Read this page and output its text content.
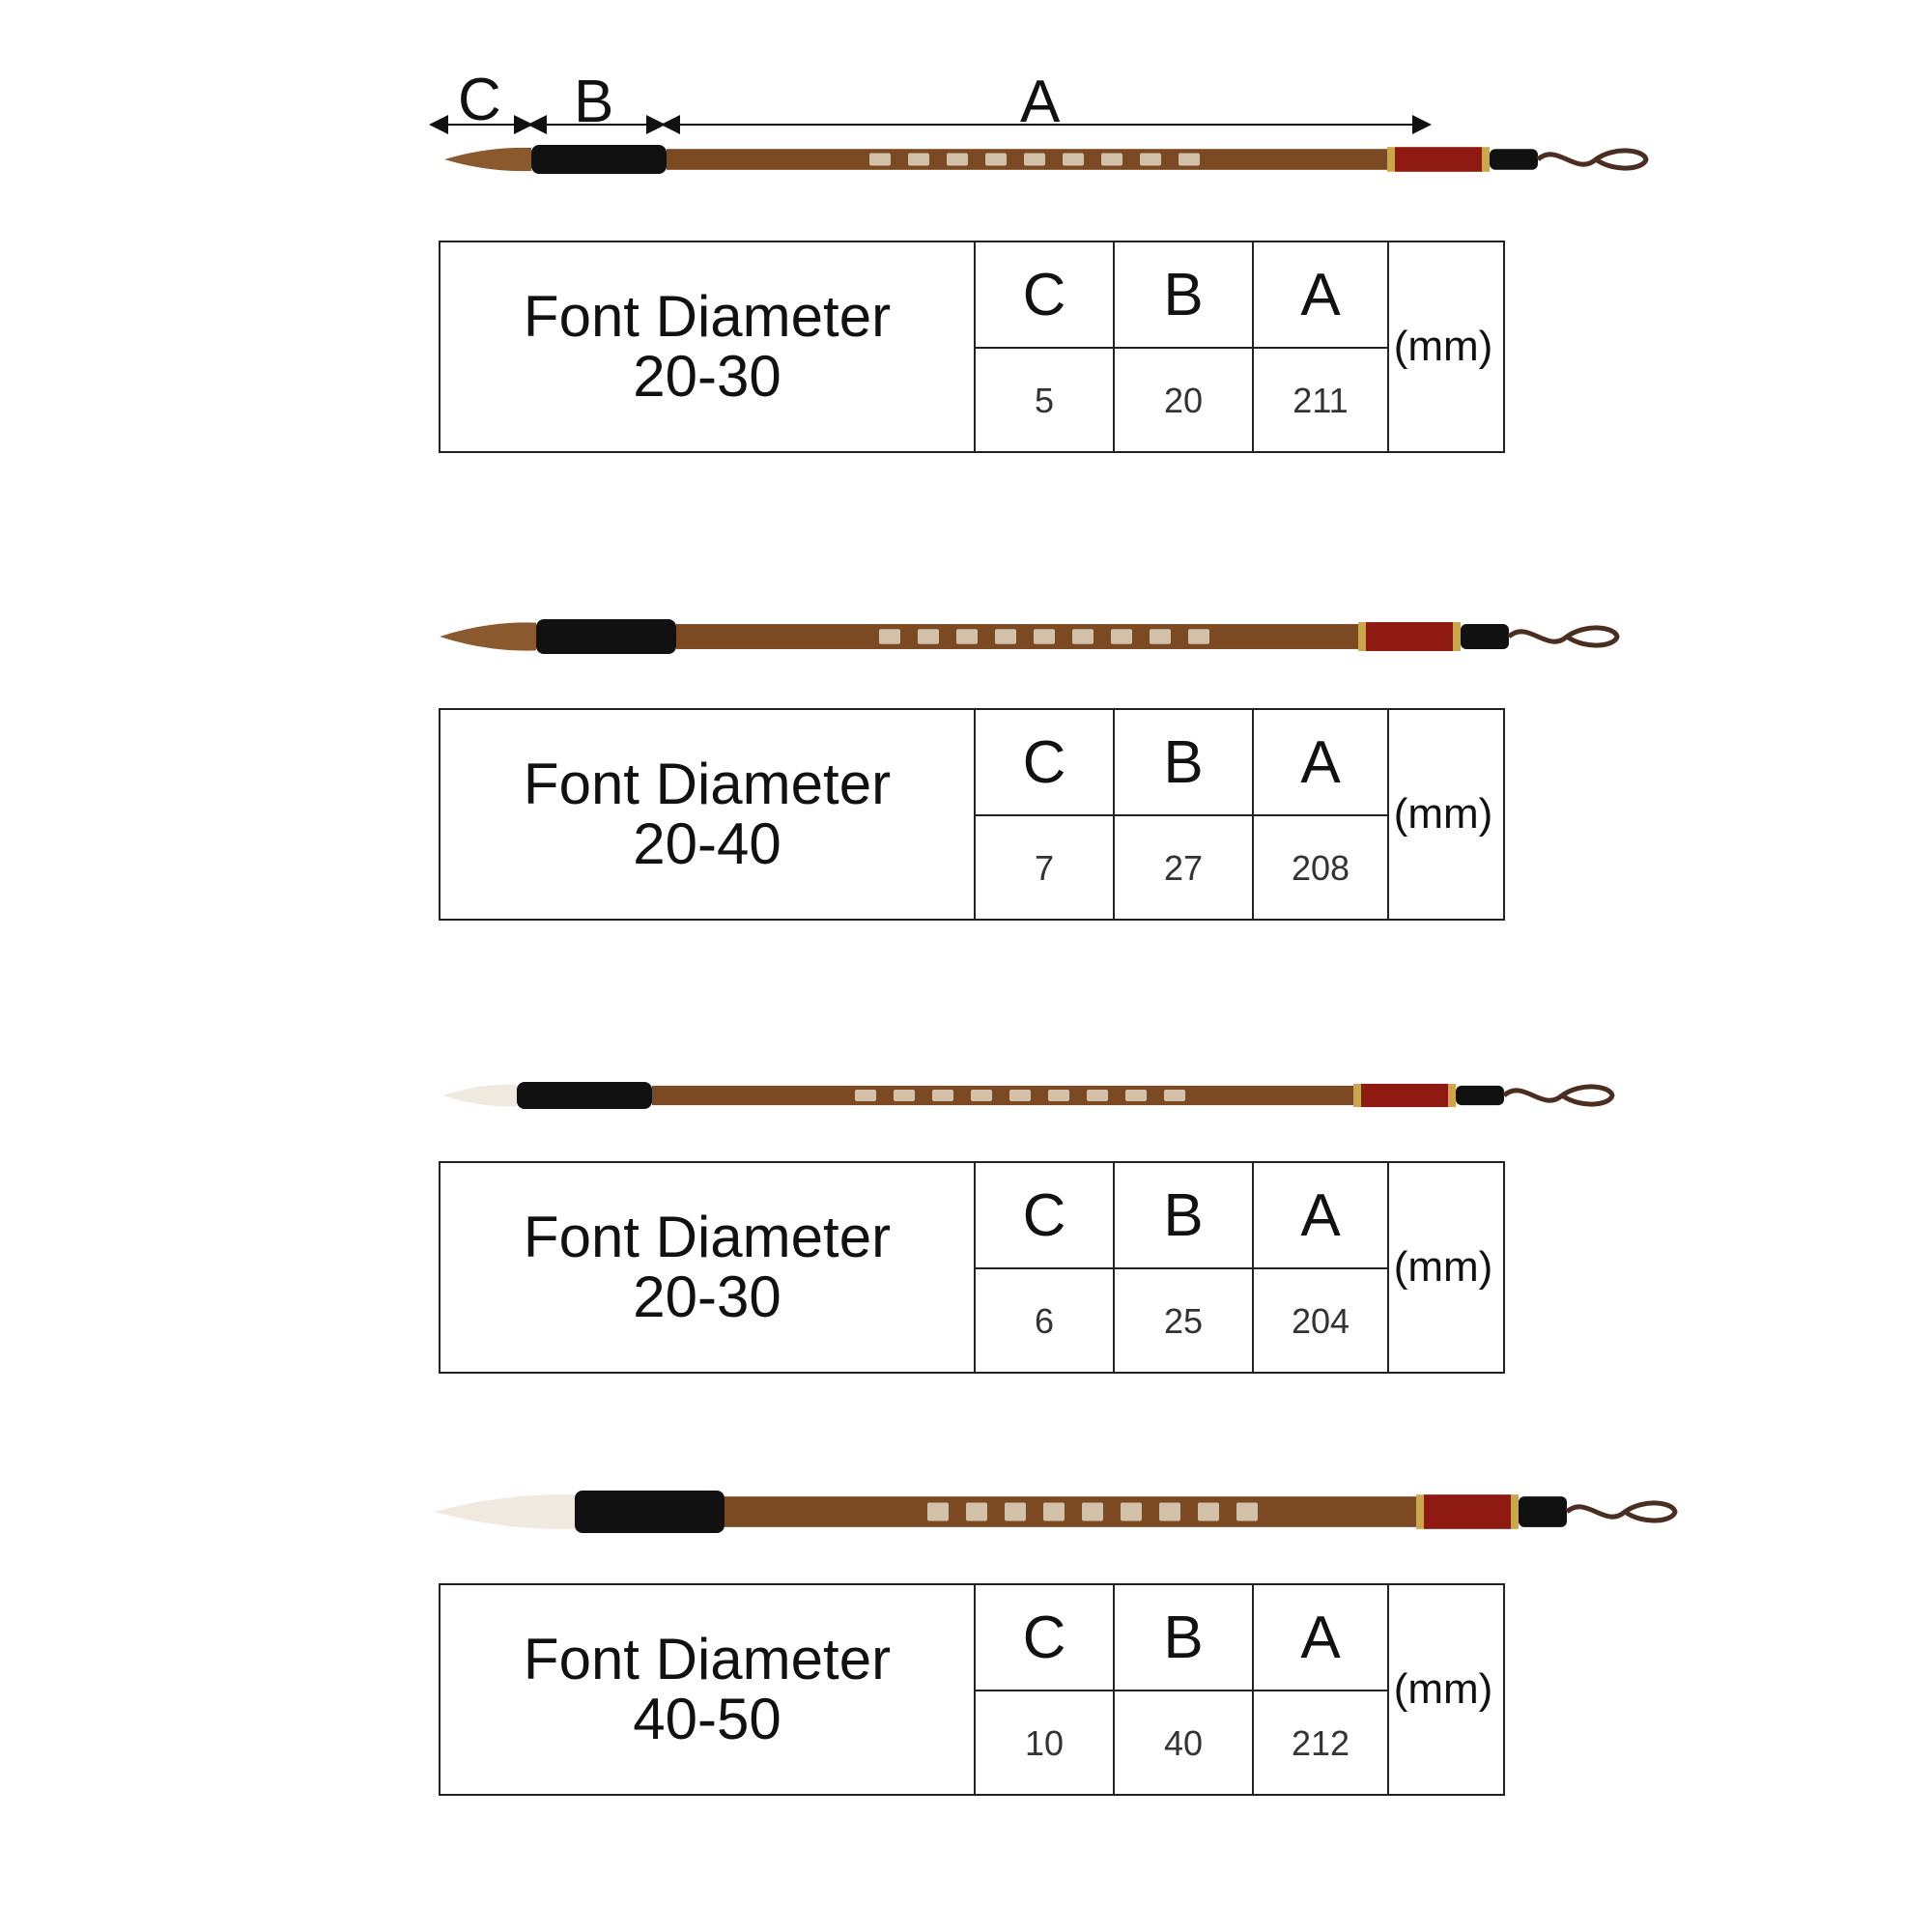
C B	A
Font Diameter
20-30
C	B	A
5	20	211
(mm)
Font Diameter
20-40
C	B	A
7	27	208
(mm)
Font Diameter
20-30
C	B	A
6	25	204
(mm)
Font Diameter
40-50
C	B	A
10	40	212
(mm)
